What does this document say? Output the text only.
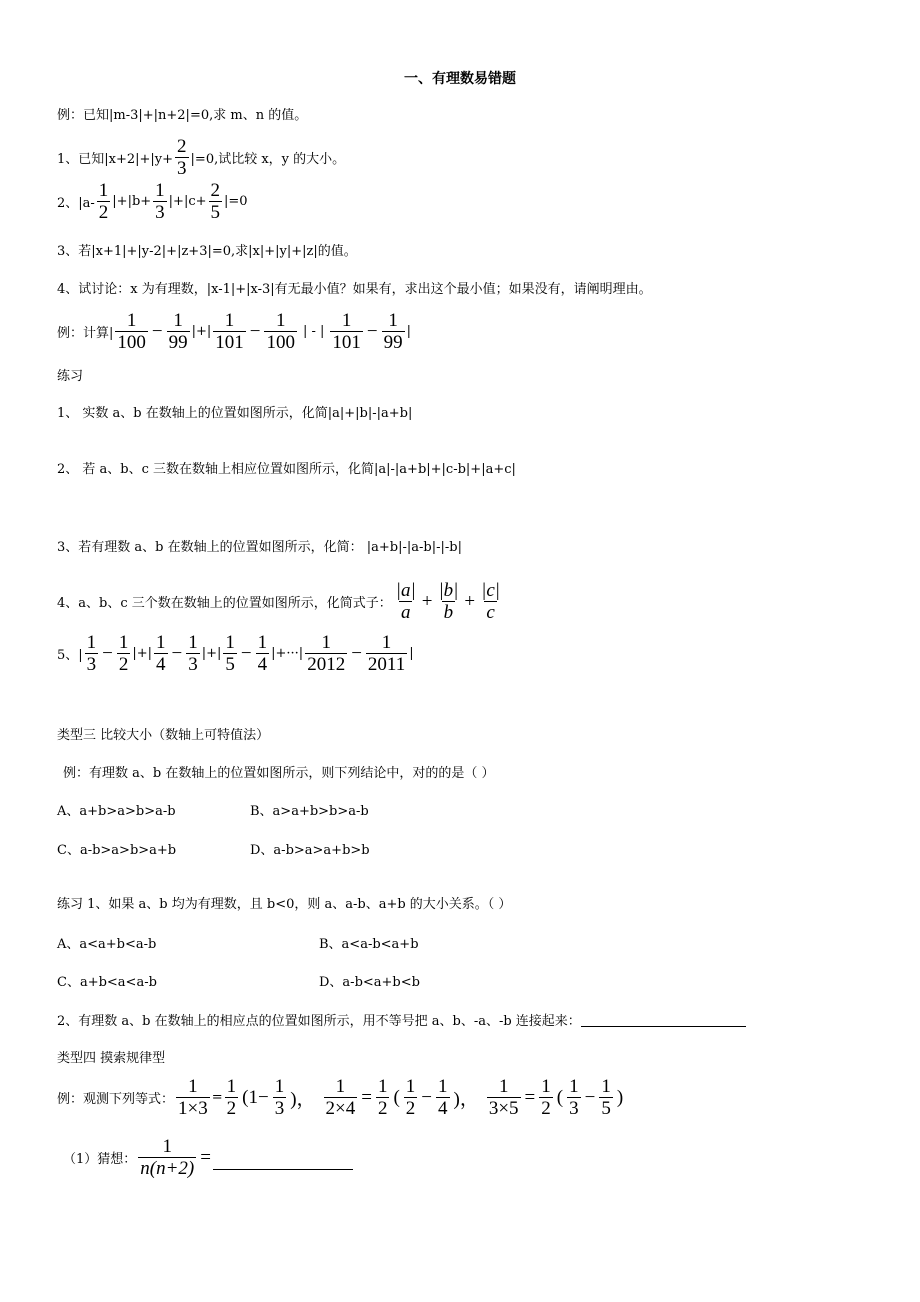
一、有理数易错题
例：已知|m-3|+|n+2|=0,求 m、n 的值。
1、已知$|x+2|+|y+ \frac{2}{3} |=0$,试比较 x，y 的大小。
2、$|a- \frac{1}{2} |+|b+ \frac{1}{3} |+|c+ \frac{2}{5} |=0$
3、若|x+1|+|y-2|+|z+3|=0,求|x|+|y|+|z|的值。
4、试讨论：x 为有理数，|x-1|+|x-3|有无最小值？如果有，求出这个最小值；如果没有，请阐明理由。
例：计算| $\frac{1}{100} - \frac{1}{99}$ |+| $\frac{1}{101} - \frac{1}{100}$ | - | $\frac{1}{101} - \frac{1}{99}$ |
练习
1、 实数 a、b 在数轴上的位置如图所示，化简|a|+|b|-|a+b|
2、 若 a、b、c 三数在数轴上相应位置如图所示，化简|a|-|a+b|+|c-b|+|a+c|
3、若有理数 a、b 在数轴上的位置如图所示，化简： |a+b|-|a-b|-|-b|
4、a、b、c 三个数在数轴上的位置如图所示，化简式子： $\frac{|a|}{a} + \frac{|b|}{b} + \frac{|c|}{c}$
5、| $\frac{1}{3} - \frac{1}{2}$ |+| $\frac{1}{4} - \frac{1}{3}$ |+| $\frac{1}{5} - \frac{1}{4}$ |+···| $\frac{1}{2012} - \frac{1}{2011}$ |
类型三 比较大小（数轴上可特值法）
例：有理数 a、b 在数轴上的位置如图所示，则下列结论中，对的的是（ ）
A、a+b>a>b>a-b	B、a>a+b>b>a-b
C、a-b>a>b>a+b	D、a-b>a>a+b>b
练习 1、如果 a、b 均为有理数，且 b<0，则 a、a-b、a+b 的大小关系。（ ）
A、a<a+b<a-b	B、a<a-b<a+b
C、a+b<a<a-b	D、a-b<a+b<b
2、有理数 a、b 在数轴上的相应点的位置如图所示，用不等号把 a、b、-a、-b 连接起来：
类型四 摸索规律型
例：观测下列等式： $\frac{1}{1\times 3} = \frac{1}{2} (1- \frac{1}{3}$ )， $\frac{1}{2\times 4} = \frac{1}{2}$ ( $\frac{1}{2} - \frac{1}{4}$ )， $\frac{1}{3\times 5} = \frac{1}{2}$ ( $\frac{1}{3} - \frac{1}{5}$ )
（1）猜想： $\frac{1}{n(n+2)}$ =
